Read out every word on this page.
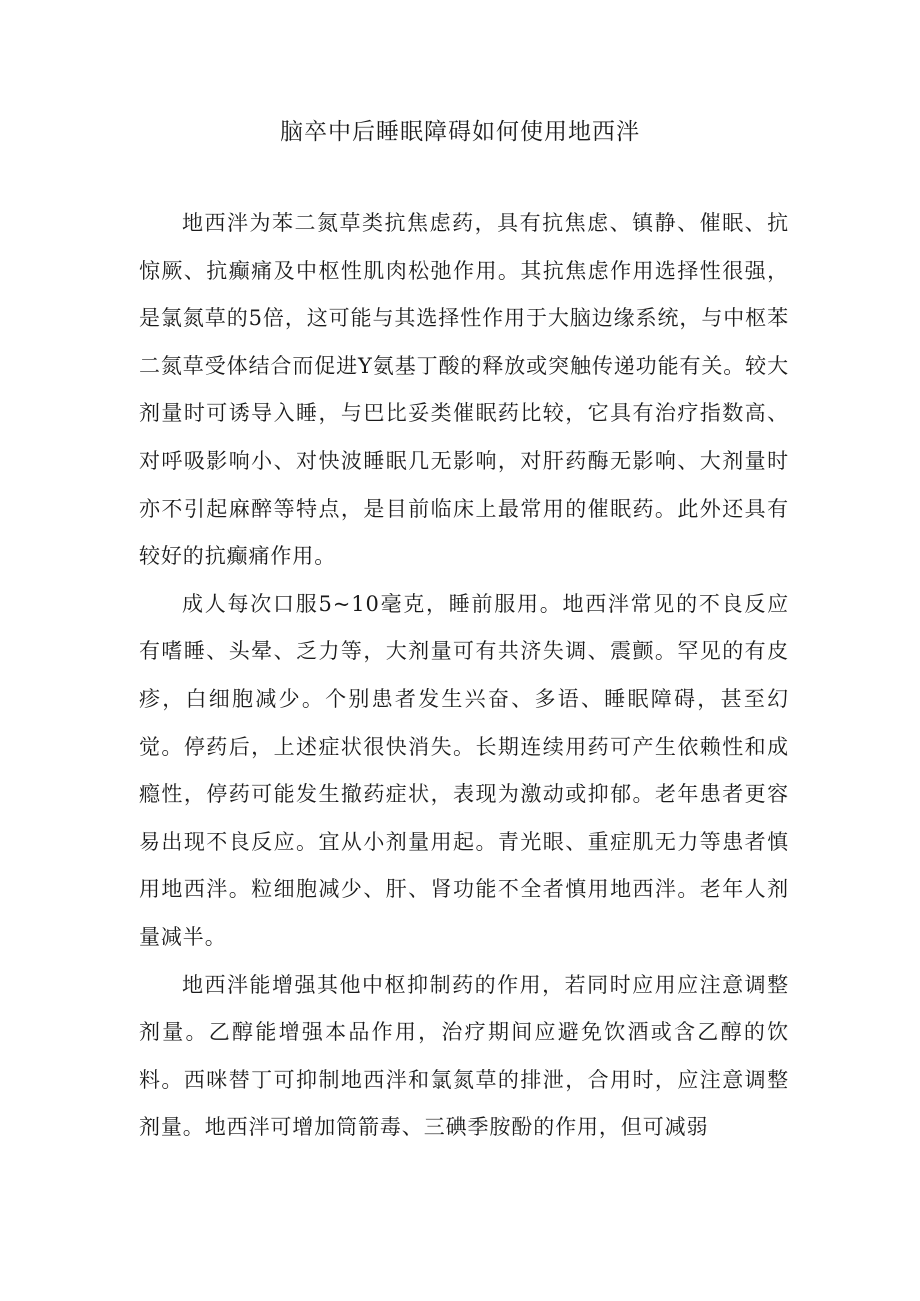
脑卒中后睡眠障碍如何使用地西泮

地西泮为苯二氮草类抗焦虑药，具有抗焦虑、镇静、催眠、抗惊厥、抗癫痛及中枢性肌肉松弛作用。其抗焦虑作用选择性很强，是氯氮草的5倍，这可能与其选择性作用于大脑边缘系统，与中枢苯二氮草受体结合而促进Y氨基丁酸的释放或突触传递功能有关。较大剂量时可诱导入睡，与巴比妥类催眠药比较，它具有治疗指数高、对呼吸影响小、对快波睡眠几无影响，对肝药酶无影响、大剂量时亦不引起麻醉等特点，是目前临床上最常用的催眠药。此外还具有较好的抗癫痛作用。

成人每次口服5~10毫克，睡前服用。地西泮常见的不良反应有嗜睡、头晕、乏力等，大剂量可有共济失调、震颤。罕见的有皮疹，白细胞减少。个别患者发生兴奋、多语、睡眠障碍，甚至幻觉。停药后，上述症状很快消失。长期连续用药可产生依赖性和成瘾性，停药可能发生撤药症状，表现为激动或抑郁。老年患者更容易出现不良反应。宜从小剂量用起。青光眼、重症肌无力等患者慎用地西泮。粒细胞减少、肝、肾功能不全者慎用地西泮。老年人剂量减半。

地西泮能增强其他中枢抑制药的作用，若同时应用应注意调整剂量。乙醇能增强本品作用，治疗期间应避免饮酒或含乙醇的饮料。西咪替丁可抑制地西泮和氯氮草的排泄，合用时，应注意调整剂量。地西泮可增加筒箭毒、三碘季胺酚的作用，但可减弱
